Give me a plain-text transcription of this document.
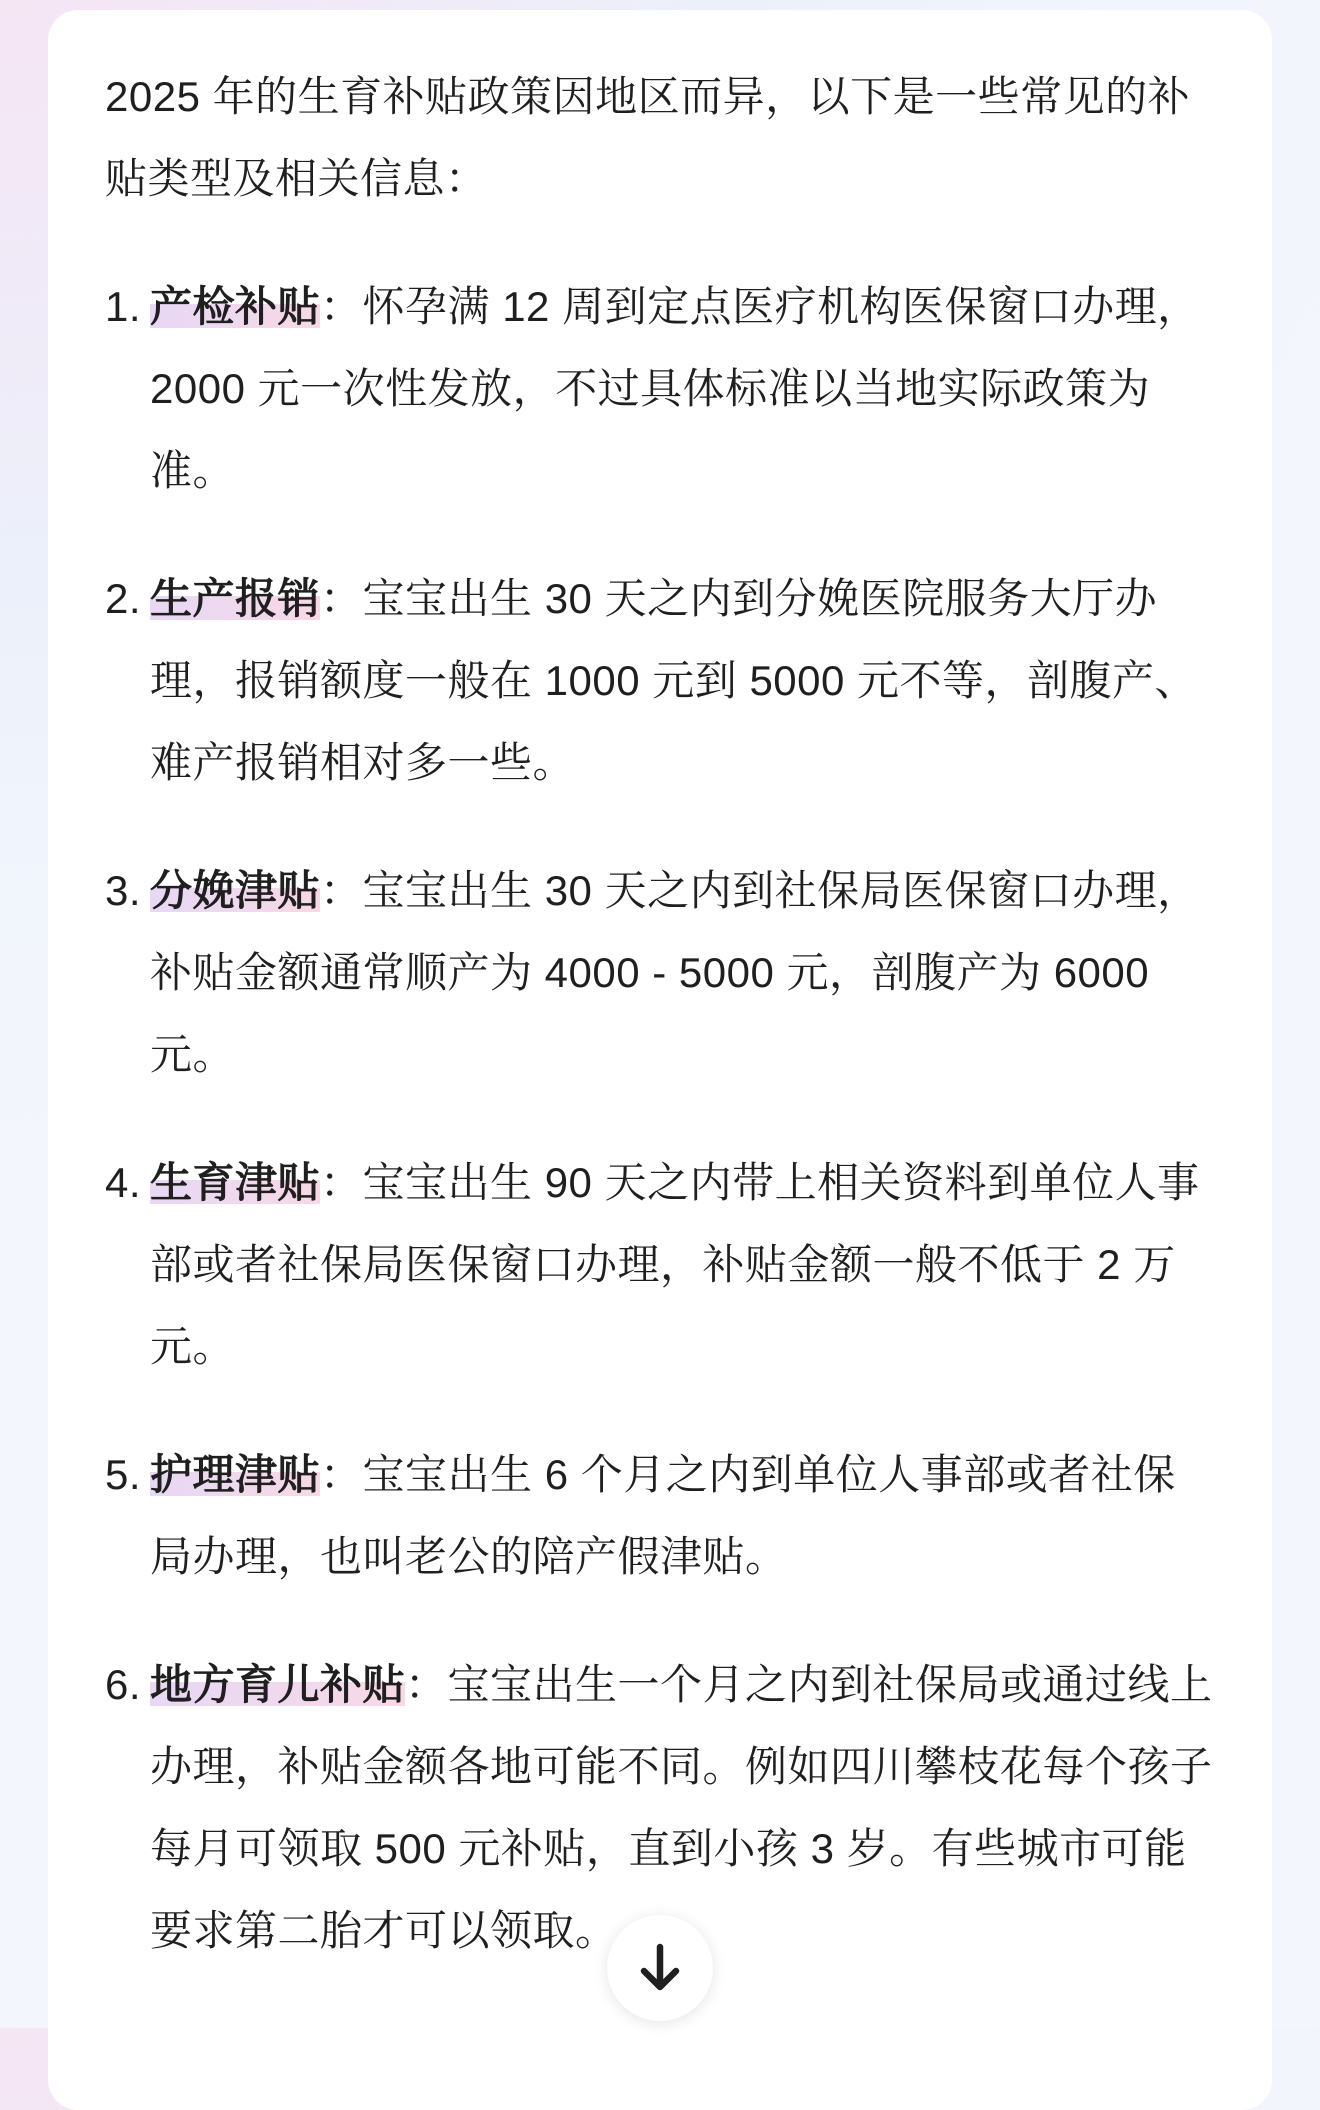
2025 年的生育补贴政策因地区而异，以下是一些常见的补贴类型及相关信息：

1. 产检补贴：怀孕满 12 周到定点医疗机构医保窗口办理，2000 元一次性发放，不过具体标准以当地实际政策为准。
2. 生产报销：宝宝出生 30 天之内到分娩医院服务大厅办理，报销额度一般在 1000 元到 5000 元不等，剖腹产、难产报销相对多一些。
3. 分娩津贴：宝宝出生 30 天之内到社保局医保窗口办理，补贴金额通常顺产为 4000 - 5000 元，剖腹产为 6000 元。
4. 生育津贴：宝宝出生 90 天之内带上相关资料到单位人事部或者社保局医保窗口办理，补贴金额一般不低于 2 万元。
5. 护理津贴：宝宝出生 6 个月之内到单位人事部或者社保局办理，也叫老公的陪产假津贴。
6. 地方育儿补贴：宝宝出生一个月之内到社保局或通过线上办理，补贴金额各地可能不同。例如四川攀枝花每个孩子每月可领取 500 元补贴，直到小孩 3 岁。有些城市可能要求第二胎才可以领取。
